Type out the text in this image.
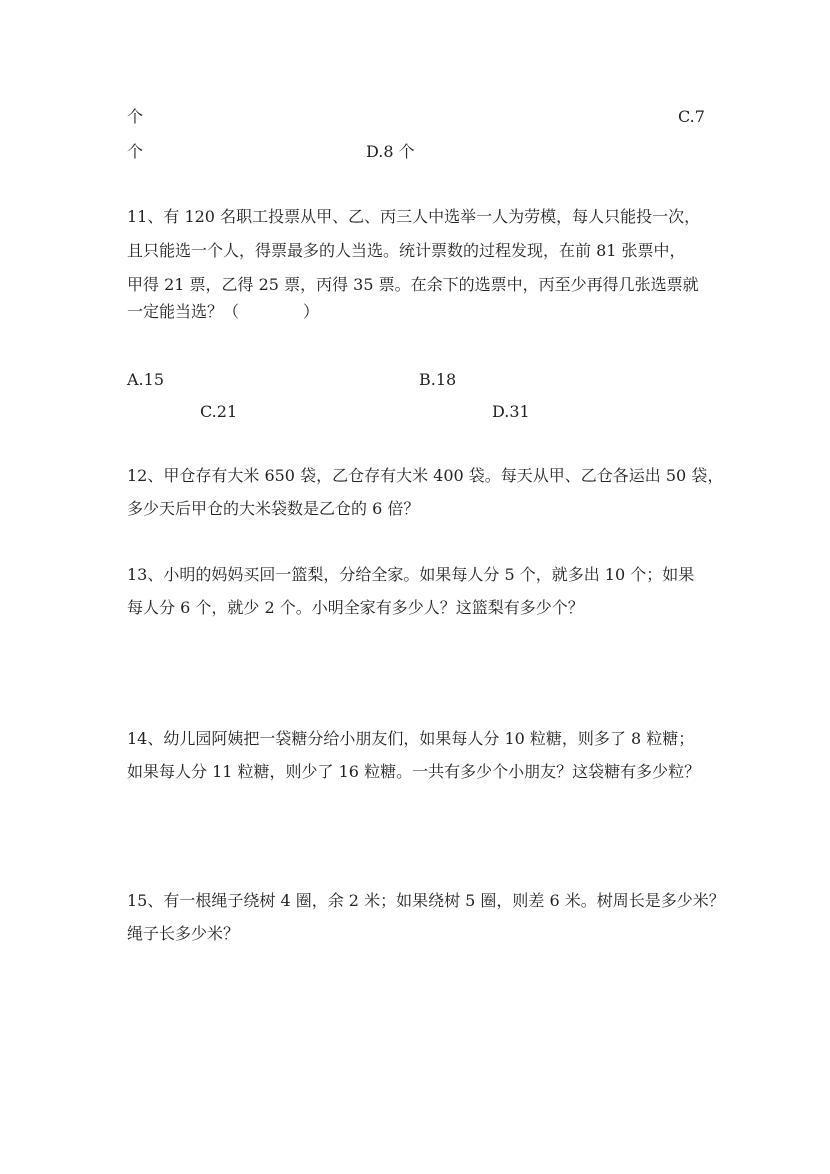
个	C.7
个	D.8 个
11、有 120 名职工投票从甲、乙、丙三人中选举一人为劳模，每人只能投一次，
且只能选一个人，得票最多的人当选。统计票数的过程发现，在前 81 张票中，
甲得 21 票，乙得 25 票，丙得 35 票。在余下的选票中，丙至少再得几张选票就
一定能当选？（　　　　）
A.15	B.18
C.21	D.31
12、甲仓存有大米 650 袋，乙仓存有大米 400 袋。每天从甲、乙仓各运出 50 袋，
多少天后甲仓的大米袋数是乙仓的 6 倍？
13、小明的妈妈买回一篮梨，分给全家。如果每人分 5 个，就多出 10 个；如果
每人分 6 个，就少 2 个。小明全家有多少人？这篮梨有多少个？
14、幼儿园阿姨把一袋糖分给小朋友们，如果每人分 10 粒糖，则多了 8 粒糖；
如果每人分 11 粒糖，则少了 16 粒糖。一共有多少个小朋友？这袋糖有多少粒？
15、有一根绳子绕树 4 圈，余 2 米；如果绕树 5 圈，则差 6 米。树周长是多少米？
绳子长多少米？
